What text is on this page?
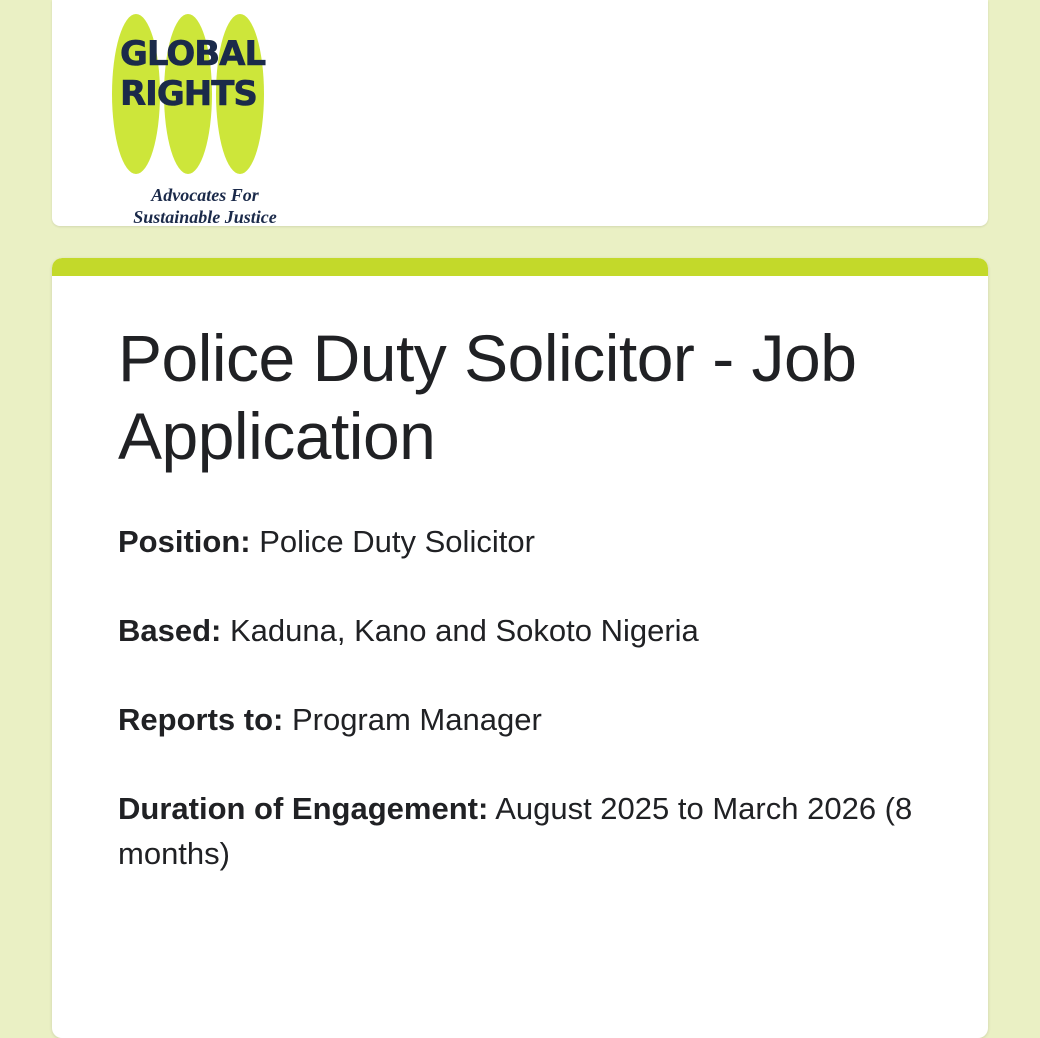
GLOBAL
RIGHTS
Advocates For
Sustainable Justice
Police Duty Solicitor - Job Application

Position: Police Duty Solicitor

Based: Kaduna, Kano and Sokoto Nigeria

Reports to: Program Manager

Duration of Engagement: August 2025 to March 2026 (8 months)
